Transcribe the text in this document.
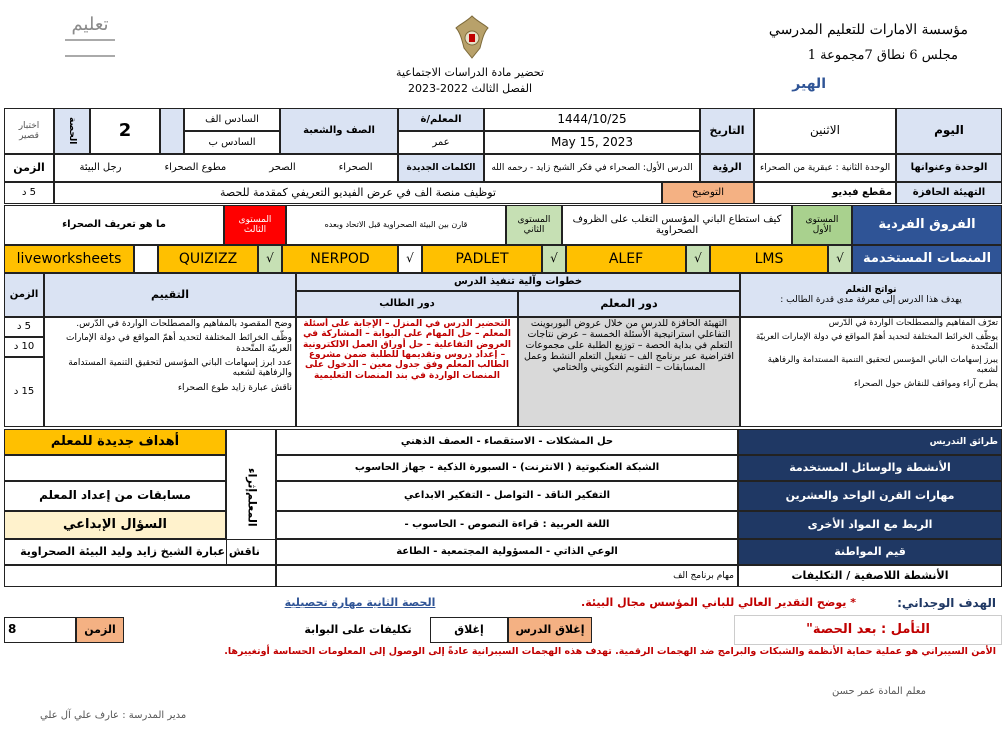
مؤسسة الامارات للتعليم المدرسي
مجلس 6 نطاق 7مجموعة 1
الهير
تحضير مادة الدراسات الاجتماعية
الفصل الثالث 2022-2023
تعليم
اليوم
الاثنين
التاريخ
1444/10/25
May 15, 2023
المعلم/ة
عمر
الصف والشعبة
السادس الف
السادس ب
2
الحصة
اختبار قصير
الوحدة وعنوانها
الوحدة الثانية : عبقرية من الصحراء
الرؤية
الدرس الأول: الصحراء في فكر الشيخ زايد - رحمه الله
الكلمات الجديدة
الصحراء
الصحر
مطوع الصحراء
رجل البيئة
الزمن
التهيئة الحافزة
مقطع فيديو
التوضيح
توظيف منصة الف في عرض الفيديو التعريفي كمقدمة للحصة
5 د
الفروق الفردية
المستوى الأول
كيف استطاع الباني المؤسس التغلب على الظروف الصحراوية
المستوى الثاني
قارن بين البيئة الصحراوية قبل الاتحاد وبعده
المستوى الثالث
ما هو تعريف الصحراء
المنصات المستخدمة
√
LMS
√
ALEF
√
PADLET
√
NERPOD
√
QUIZIZZ
liveworksheets
نواتج التعلم
يهدف هذا الدرس إلى معرفة مدى قدرة الطالب :
خطوات وآلية تنفيذ الدرس
دور المعلم
دور الطالب
التقييم
الزمن
تعرّف المفاهيم والمصطلحات الواردة في الدّرس
يوظّف الخرائط المختلفة لتحديد أهمّ المواقع في دولة الإمارات العربيّة المتّحدة
يبرز إسهامات الباني المؤسس لتحقيق التنمية المستدامة والرفاهية لشعبه
يطرح آراء ومواقف للنقاش حول الصحراء
التهيئة الحافزة للدرس من خلال عروض البوربوينت التفاعلي استراتيجية الأسئلة الخمسة – عرض نتاجات التعلم في بداية الحصة – توزيع الطلبة على مجموعات افتراضية عبر برنامج الف – تفعيل التعلم النشط وعمل المسابقات – التقويم التكويني والختامي
التحضير الدرس في المنزل – الإجابة على أسئلة المعلم – حل المهام على البوابة – المشاركة في العروض التفاعلية – حل أوراق العمل الالكترونية – إعداد دروس وتقديمها للطلبة ضمن مشروع الطالب المعلم وفق جدول معين – الدخول على المنصات الواردة في بند المنصات التعليمية
وضح المقصود بالمفاهيم والمصطلحات الواردة في الدّرس.
وظّف الخرائط المختلفة لتحديد أهمّ المواقع في دولة الإمارات العربيّة المتّحدة
عدد ابرز إسهامات الباني المؤسس لتحقيق التنمية المستدامة والرفاهية لشعبه
ناقش عبارة زايد طوع الصحراء
5 د
10 د
15 د
طرائق التدريس
حل المشكلات - الاستقصاء - العصف الذهني
الأنشطة والوسائل المستخدمة
الشبكة العنكبوتية ( الانترنت) - السبورة الذكية - جهاز الحاسوب
مهارات القرن الواحد والعشرين
التفكير الناقد - التواصل - التفكير الابداعي
الربط مع المواد الأخرى
اللغة العربية : قراءة النصوص - الحاسوب -
قيم المواطنة
الوعي الذاتي - المسؤولية المجتمعية - الطاعة
الأنشطة اللاصفية / التكليفات
مهام برنامج الف
إثراء
المعلم
أهداف جديدة للمعلم
مسابقات من إعداد المعلم
السؤال الإبداعي
ناقش عبارة الشيخ زايد وليد البيئة الصحراوية
الهدف الوجداني:
* يوضح التقدير العالي للباني المؤسس مجال البيئة.
الحصة الثانية مهارة تحصيلية
التأمل : بعد الحصة"
إغلاق الدرس
إغلاق
تكليفات على البوابة
الزمن
8
الأمن السيبراني هو عملية حماية الأنظمة والشبكات والبرامج ضد الهجمات الرقمية. تهدف هذه الهجمات السيبرانية عادةً إلى الوصول إلى المعلومات الحساسة أوتغييرها.
معلم المادة عمر حسن
مدير المدرسة : عارف علي آل علي
